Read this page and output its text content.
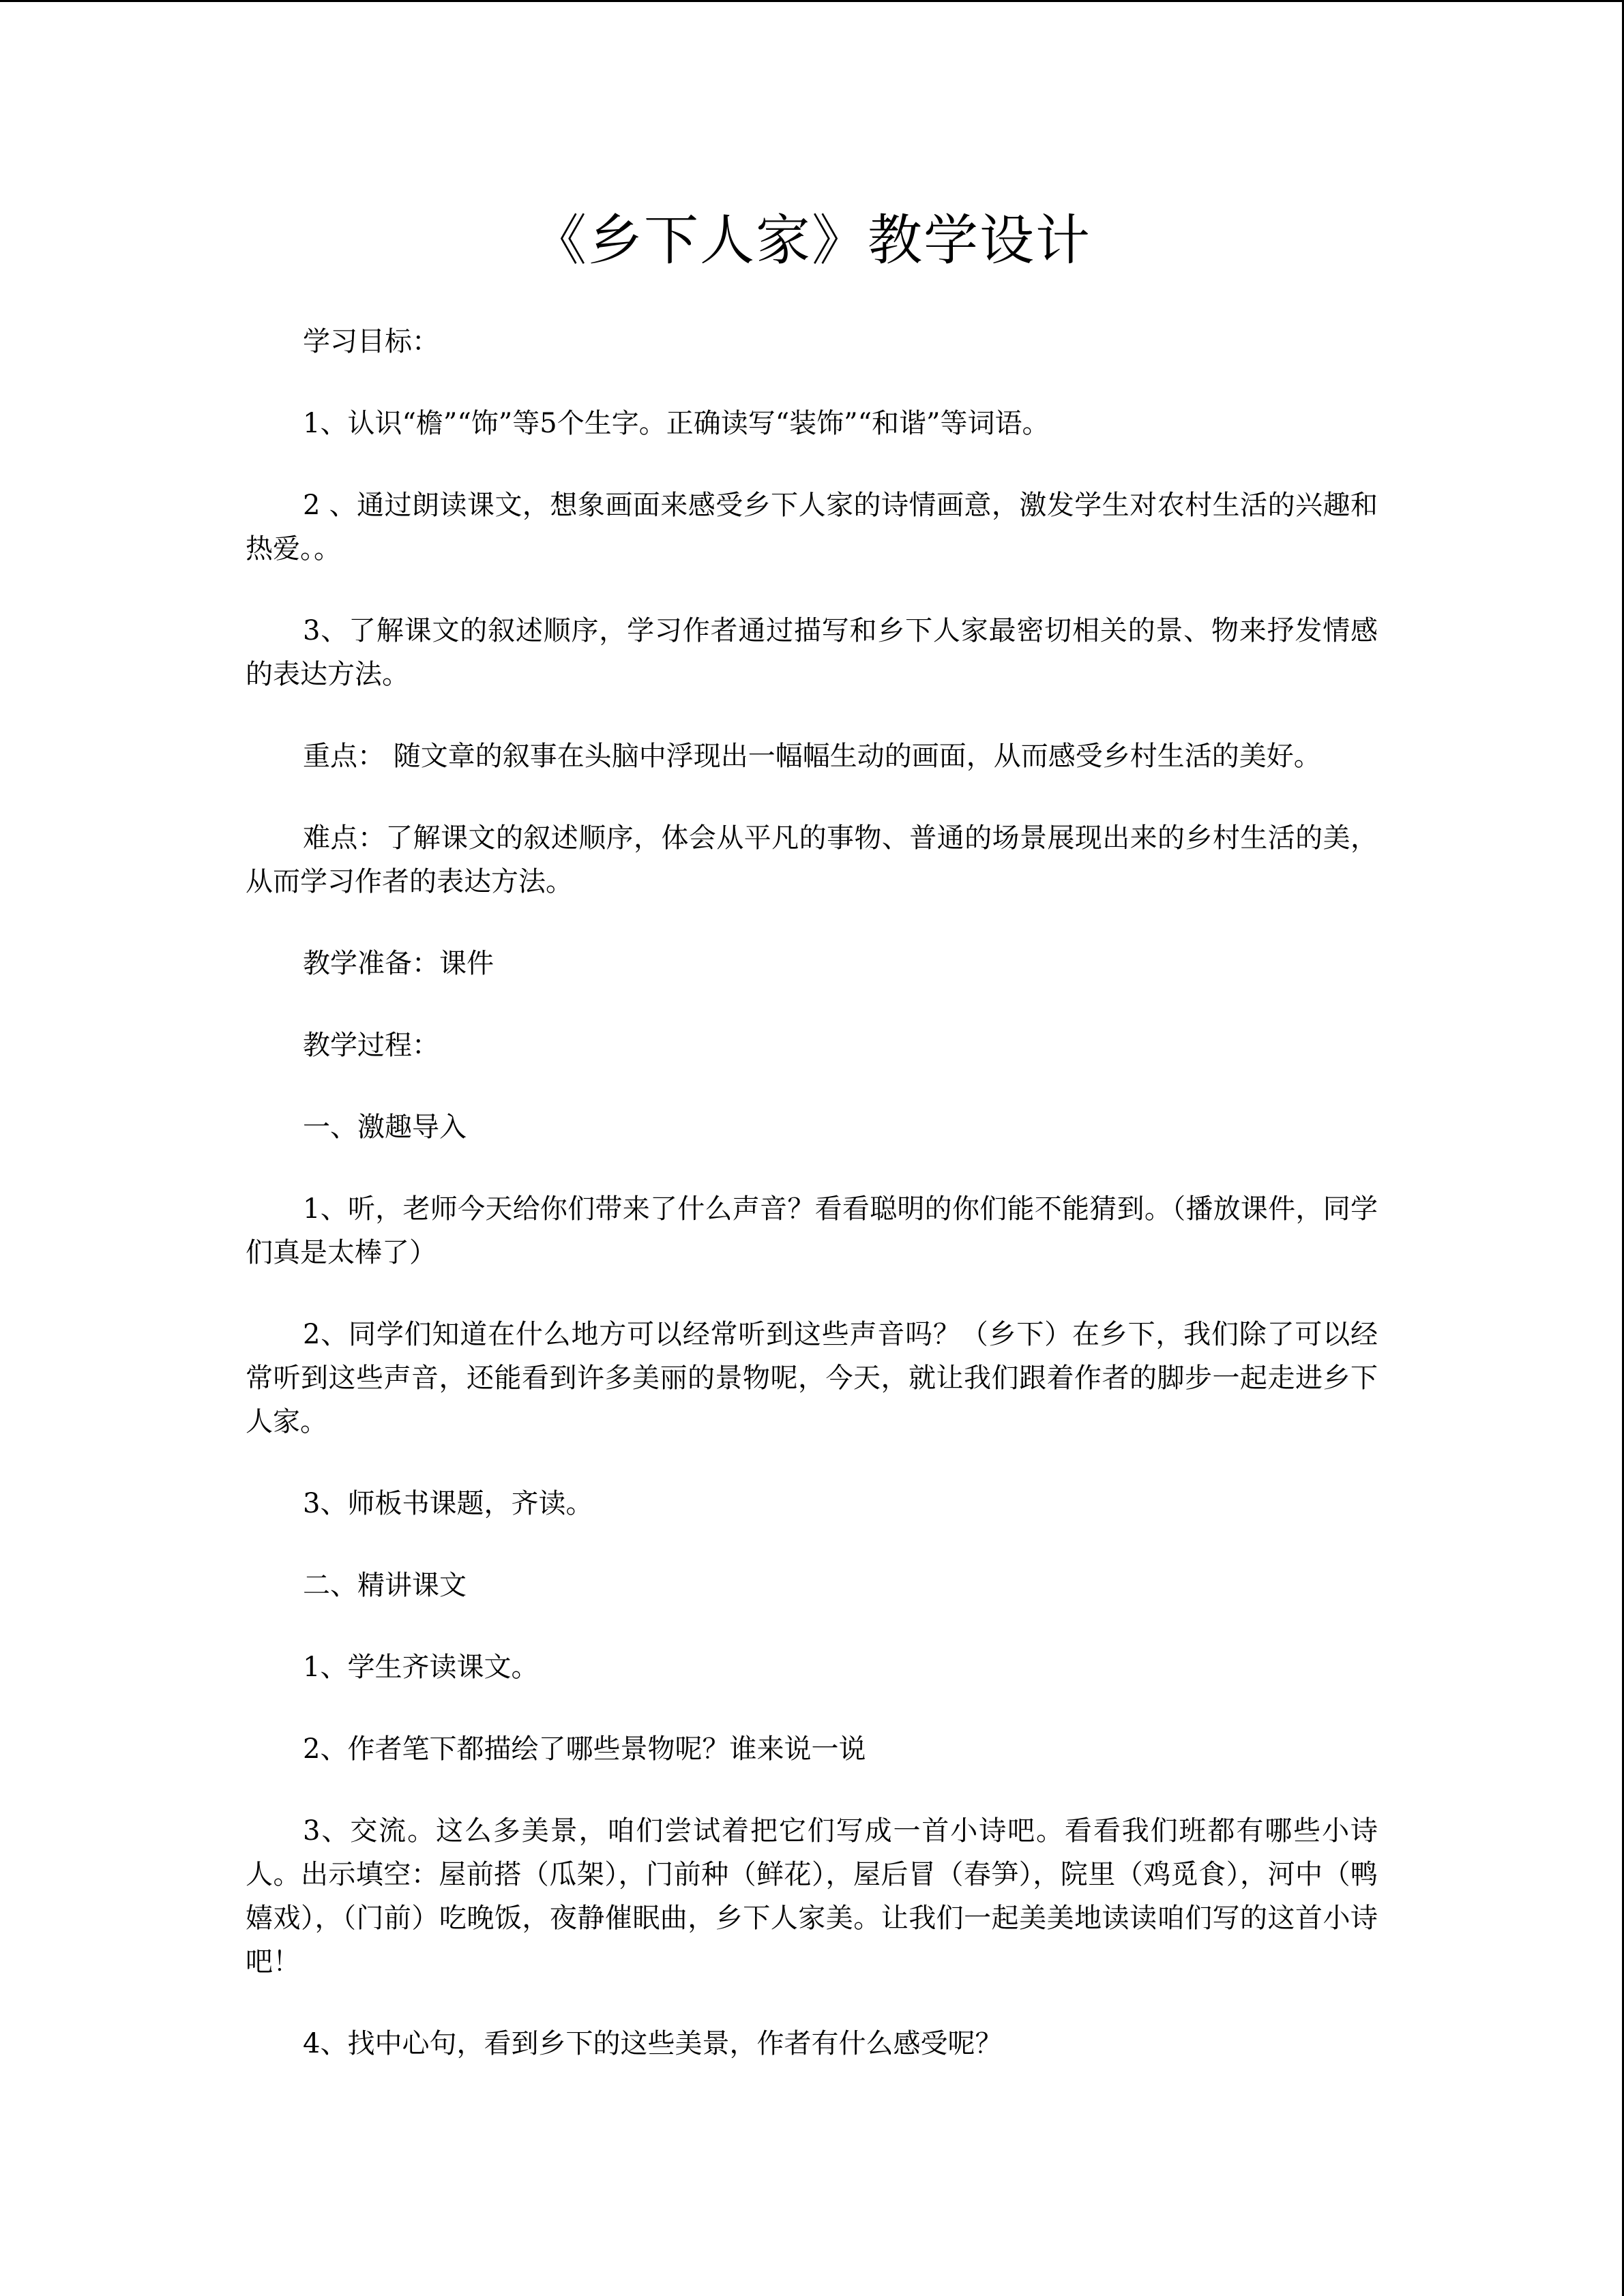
《乡下人家》教学设计

学习目标：

1、认识“檐”“饰”等5个生字。正确读写“装饰”“和谐”等词语。

2 、通过朗读课文，想象画面来感受乡下人家的诗情画意，激发学生对农村生活的兴趣和热爱。。

3、了解课文的叙述顺序，学习作者通过描写和乡下人家最密切相关的景、物来抒发情感的表达方法。

重点： 随文章的叙事在头脑中浮现出一幅幅生动的画面，从而感受乡村生活的美好。

难点：了解课文的叙述顺序，体会从平凡的事物、普通的场景展现出来的乡村生活的美，从而学习作者的表达方法。

教学准备：课件

教学过程：

一、激趣导入

1、听，老师今天给你们带来了什么声音？看看聪明的你们能不能猜到。（播放课件，同学们真是太棒了）

2、同学们知道在什么地方可以经常听到这些声音吗？（乡下）在乡下，我们除了可以经常听到这些声音，还能看到许多美丽的景物呢，今天，就让我们跟着作者的脚步一起走进乡下人家。

3、师板书课题，齐读。

二、精讲课文

1、学生齐读课文。

2、作者笔下都描绘了哪些景物呢？谁来说一说

3、交流。这么多美景，咱们尝试着把它们写成一首小诗吧。看看我们班都有哪些小诗人。出示填空：屋前搭（瓜架），门前种（鲜花），屋后冒（春笋），院里（鸡觅食），河中（鸭嬉戏），（门前）吃晚饭，夜静催眠曲，乡下人家美。让我们一起美美地读读咱们写的这首小诗吧！

4、找中心句，看到乡下的这些美景，作者有什么感受呢？
